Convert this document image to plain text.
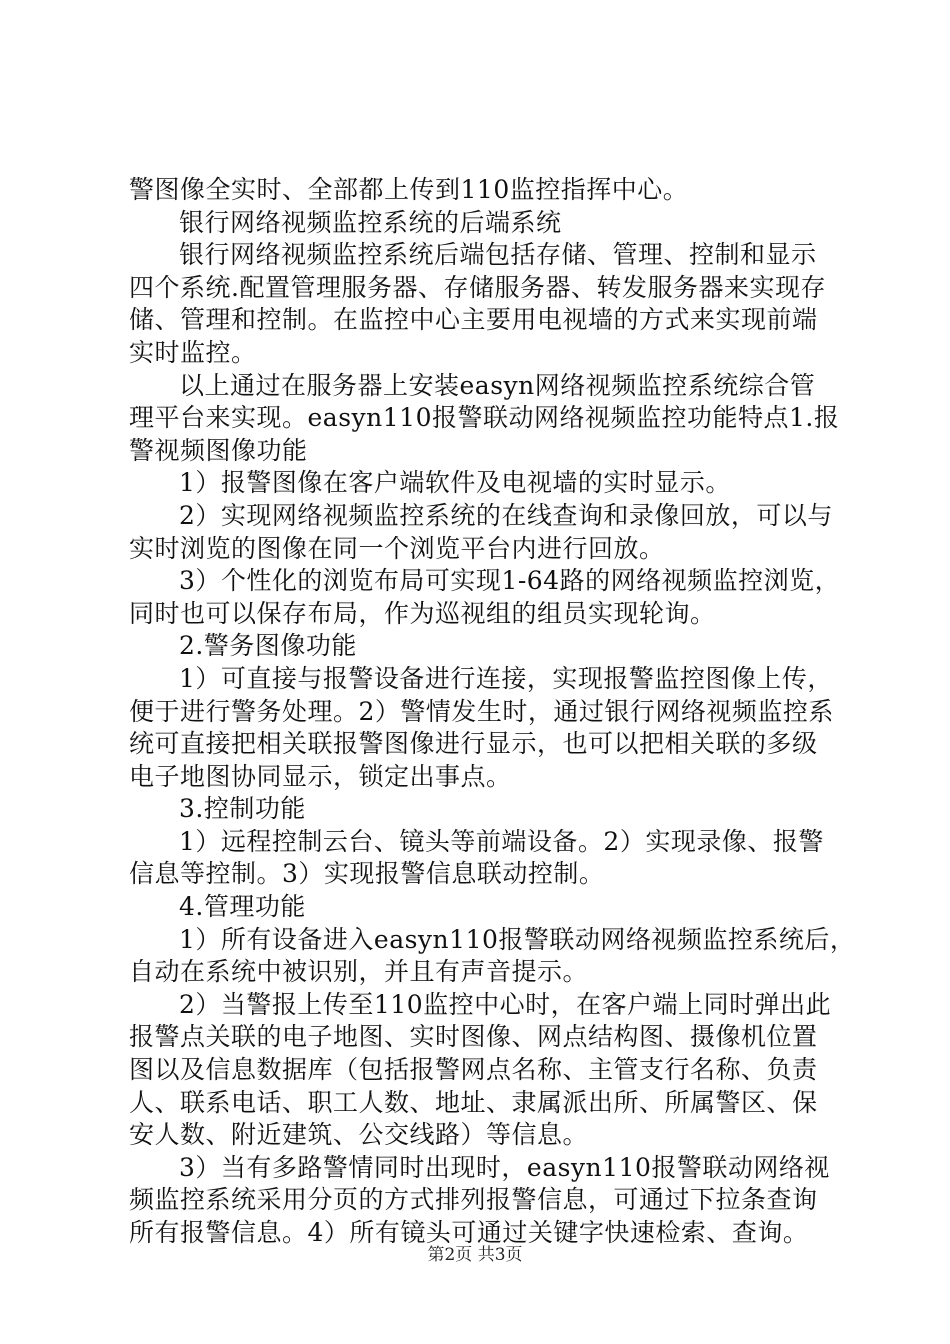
警图像全实时、全部都上传到110监控指挥中心。
银行网络视频监控系统的后端系统
银行网络视频监控系统后端包括存储、管理、控制和显示
四个系统.配置管理服务器、存储服务器、转发服务器来实现存
储、管理和控制。在监控中心主要用电视墙的方式来实现前端
实时监控。
以上通过在服务器上安装easyn网络视频监控系统综合管
理平台来实现。easyn110报警联动网络视频监控功能特点1.报
警视频图像功能
1）报警图像在客户端软件及电视墙的实时显示。
2）实现网络视频监控系统的在线查询和录像回放，可以与
实时浏览的图像在同一个浏览平台内进行回放。
3）个性化的浏览布局可实现1-64路的网络视频监控浏览，
同时也可以保存布局，作为巡视组的组员实现轮询。
2.警务图像功能
1）可直接与报警设备进行连接，实现报警监控图像上传，
便于进行警务处理。2）警情发生时，通过银行网络视频监控系
统可直接把相关联报警图像进行显示，也可以把相关联的多级
电子地图协同显示，锁定出事点。
3.控制功能
1）远程控制云台、镜头等前端设备。2）实现录像、报警
信息等控制。3）实现报警信息联动控制。
4.管理功能
1）所有设备进入easyn110报警联动网络视频监控系统后，
自动在系统中被识别，并且有声音提示。
2）当警报上传至110监控中心时，在客户端上同时弹出此
报警点关联的电子地图、实时图像、网点结构图、摄像机位置
图以及信息数据库（包括报警网点名称、主管支行名称、负责
人、联系电话、职工人数、地址、隶属派出所、所属警区、保
安人数、附近建筑、公交线路）等信息。
3）当有多路警情同时出现时，easyn110报警联动网络视
频监控系统采用分页的方式排列报警信息，可通过下拉条查询
所有报警信息。4）所有镜头可通过关键字快速检索、查询。
第2页 共3页
